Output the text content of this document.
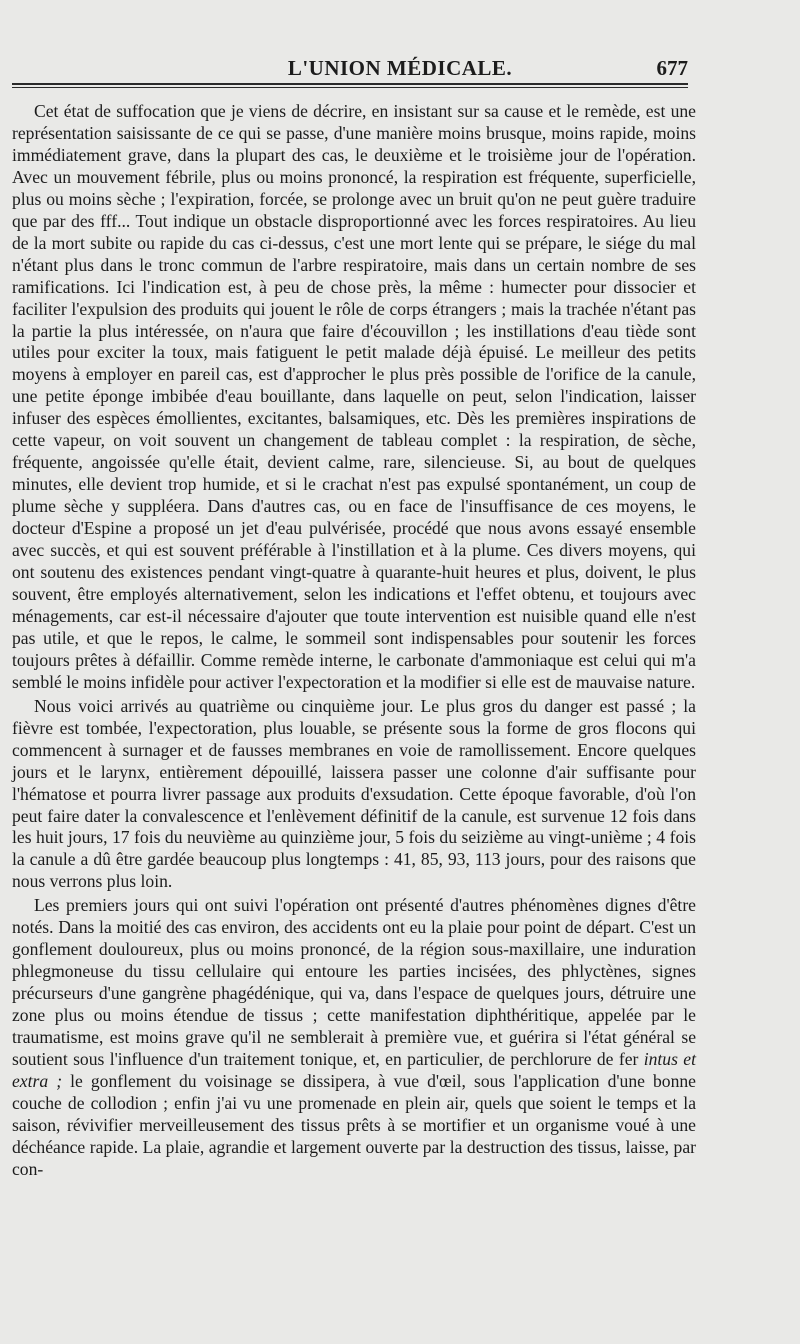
L'UNION MÉDICALE.	677

Cet état de suffocation que je viens de décrire, en insistant sur sa cause et le remède, est une représentation saisissante de ce qui se passe, d'une manière moins brusque, moins rapide, moins immédiatement grave, dans la plupart des cas, le deuxième et le troisième jour de l'opération. Avec un mouvement fébrile, plus ou moins prononcé, la respiration est fréquente, superficielle, plus ou moins sèche ; l'expiration, forcée, se prolonge avec un bruit qu'on ne peut guère traduire que par des fff... Tout indique un obstacle disproportionné avec les forces respiratoires. Au lieu de la mort subite ou rapide du cas ci-dessus, c'est une mort lente qui se prépare, le siége du mal n'étant plus dans le tronc commun de l'arbre respiratoire, mais dans un certain nombre de ses ramifications. Ici l'indication est, à peu de chose près, la même : humecter pour dissocier et faciliter l'expulsion des produits qui jouent le rôle de corps étrangers ; mais la trachée n'étant pas la partie la plus intéressée, on n'aura que faire d'écouvillon ; les instillations d'eau tiède sont utiles pour exciter la toux, mais fatiguent le petit malade déjà épuisé. Le meilleur des petits moyens à employer en pareil cas, est d'approcher le plus près possible de l'orifice de la canule, une petite éponge imbibée d'eau bouillante, dans laquelle on peut, selon l'indication, laisser infuser des espèces émollientes, excitantes, balsamiques, etc. Dès les premières inspirations de cette vapeur, on voit souvent un changement de tableau complet : la respiration, de sèche, fréquente, angoissée qu'elle était, devient calme, rare, silencieuse. Si, au bout de quelques minutes, elle devient trop humide, et si le crachat n'est pas expulsé spontanément, un coup de plume sèche y suppléera. Dans d'autres cas, ou en face de l'insuffisance de ces moyens, le docteur d'Espine a proposé un jet d'eau pulvérisée, procédé que nous avons essayé ensemble avec succès, et qui est souvent préférable à l'instillation et à la plume. Ces divers moyens, qui ont soutenu des existences pendant vingt-quatre à quarante-huit heures et plus, doivent, le plus souvent, être employés alternativement, selon les indications et l'effet obtenu, et toujours avec ménagements, car est-il nécessaire d'ajouter que toute intervention est nuisible quand elle n'est pas utile, et que le repos, le calme, le sommeil sont indispensables pour soutenir les forces toujours prêtes à défaillir. Comme remède interne, le carbonate d'ammoniaque est celui qui m'a semblé le moins infidèle pour activer l'expectoration et la modifier si elle est de mauvaise nature.

Nous voici arrivés au quatrième ou cinquième jour. Le plus gros du danger est passé ; la fièvre est tombée, l'expectoration, plus louable, se présente sous la forme de gros flocons qui commencent à surnager et de fausses membranes en voie de ramollissement. Encore quelques jours et le larynx, entièrement dépouillé, laissera passer une colonne d'air suffisante pour l'hématose et pourra livrer passage aux produits d'exsudation. Cette époque favorable, d'où l'on peut faire dater la convalescence et l'enlèvement définitif de la canule, est survenue 12 fois dans les huit jours, 17 fois du neuvième au quinzième jour, 5 fois du seizième au vingt-unième ; 4 fois la canule a dû être gardée beaucoup plus longtemps : 41, 85, 93, 113 jours, pour des raisons que nous verrons plus loin.

Les premiers jours qui ont suivi l'opération ont présenté d'autres phénomènes dignes d'être notés. Dans la moitié des cas environ, des accidents ont eu la plaie pour point de départ. C'est un gonflement douloureux, plus ou moins prononcé, de la région sous-maxillaire, une induration phlegmoneuse du tissu cellulaire qui entoure les parties incisées, des phlyctènes, signes précurseurs d'une gangrène phagédénique, qui va, dans l'espace de quelques jours, détruire une zone plus ou moins étendue de tissus ; cette manifestation diphthéritique, appelée par le traumatisme, est moins grave qu'il ne semblerait à première vue, et guérira si l'état général se soutient sous l'influence d'un traitement tonique, et, en particulier, de perchlorure de fer intus et extra ; le gonflement du voisinage se dissipera, à vue d'œil, sous l'application d'une bonne couche de collodion ; enfin j'ai vu une promenade en plein air, quels que soient le temps et la saison, révivifier merveilleusement des tissus prêts à se mortifier et un organisme voué à une déchéance rapide. La plaie, agrandie et largement ouverte par la destruction des tissus, laisse, par con-
